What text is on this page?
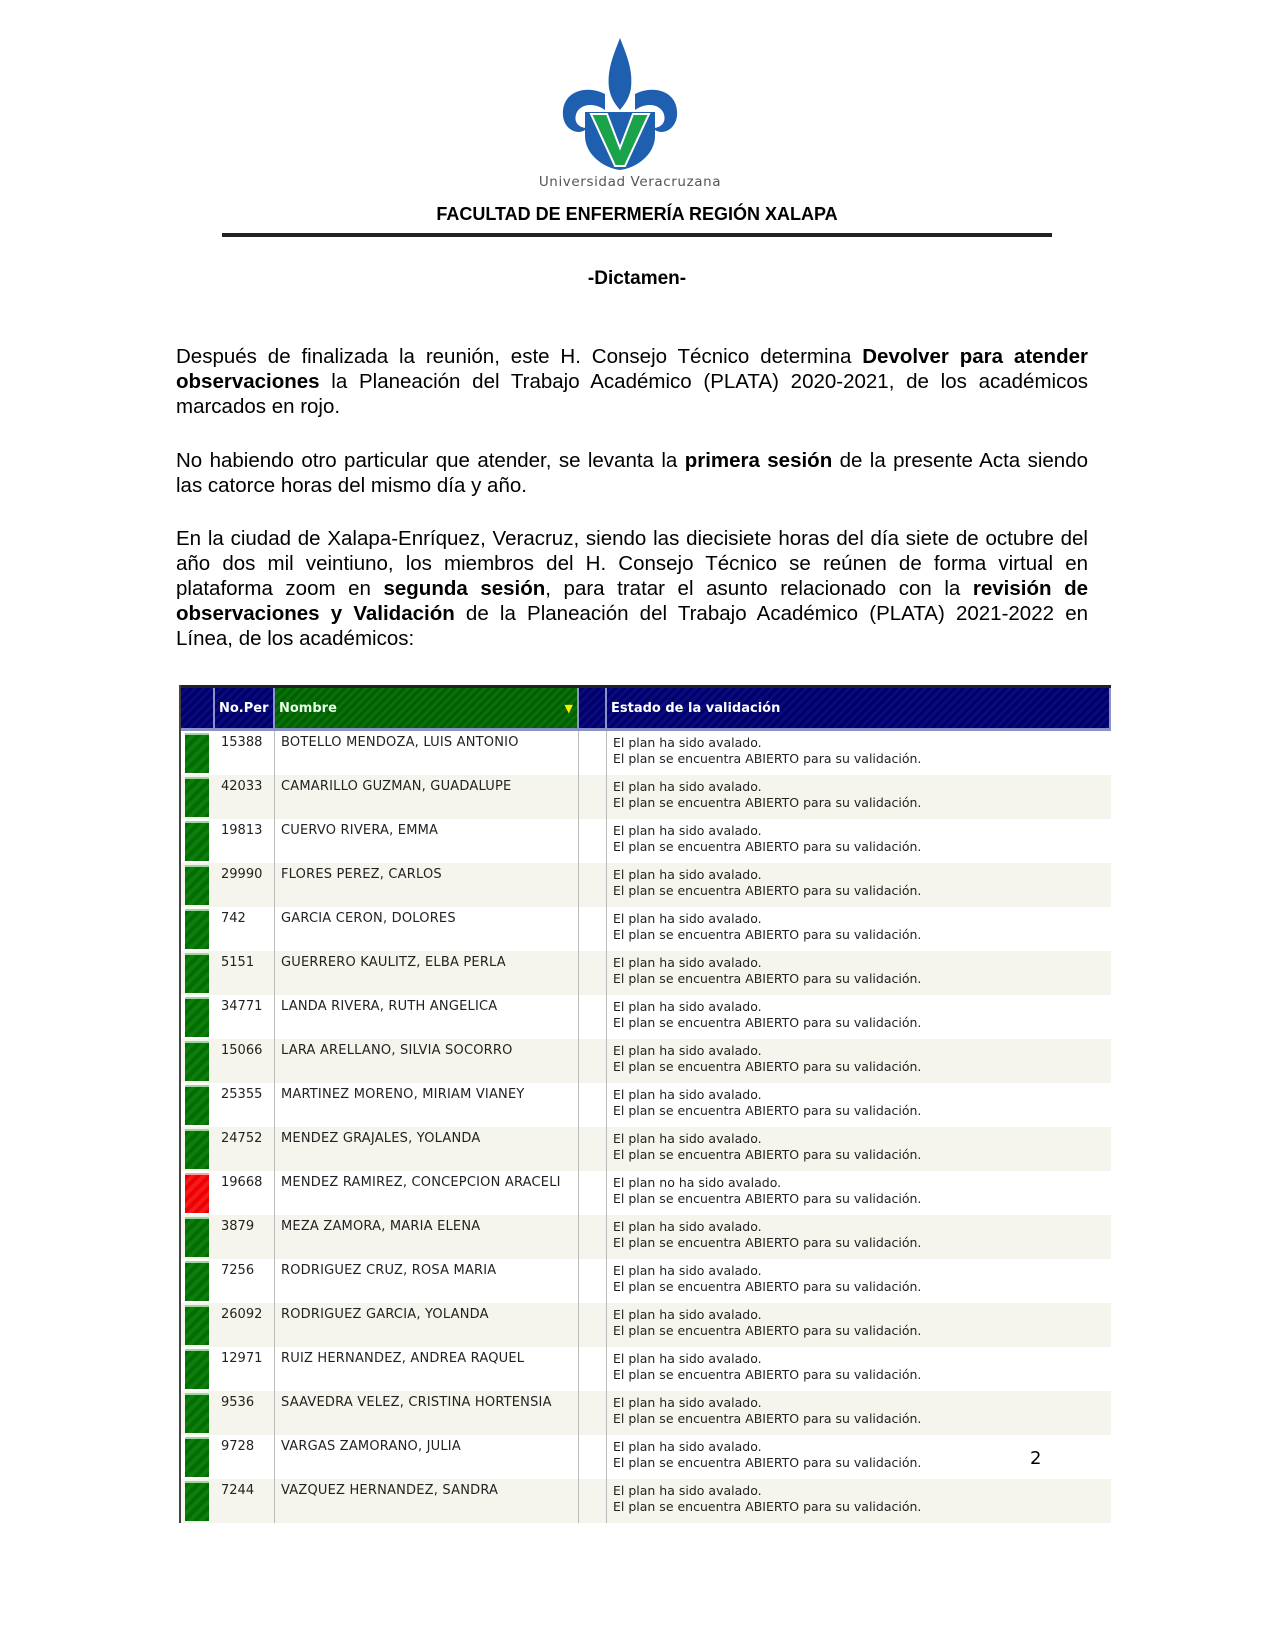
Universidad Veracruzana
FACULTAD DE ENFERMERÍA REGIÓN XALAPA
-Dictamen-
Después de finalizada la reunión, este H. Consejo Técnico determina Devolver para atender observaciones la Planeación del Trabajo Académico (PLATA) 2020-2021, de los académicos marcados en rojo.
No habiendo otro particular que atender, se levanta la primera sesión de la presente Acta siendo las catorce horas del mismo día y año.
En la ciudad de Xalapa-Enríquez, Veracruz, siendo las diecisiete horas del día siete de octubre del año dos mil veintiuno, los miembros del H. Consejo Técnico se reúnen de forma virtual en plataforma zoom en segunda sesión, para tratar el asunto relacionado con la revisión de observaciones y Validación de la Planeación del Trabajo Académico (PLATA) 2021-2022 en Línea, de los académicos:
No.Per Nombre	▼	Estado de la validación
15388	BOTELLO MENDOZA, LUIS ANTONIO	El plan ha sido avalado.
El plan se encuentra ABIERTO para su validación.
42033	CAMARILLO GUZMAN, GUADALUPE	El plan ha sido avalado.
El plan se encuentra ABIERTO para su validación.
19813	CUERVO RIVERA, EMMA	El plan ha sido avalado.
El plan se encuentra ABIERTO para su validación.
29990	FLORES PEREZ, CARLOS	El plan ha sido avalado.
El plan se encuentra ABIERTO para su validación.
742	GARCIA CERON, DOLORES	El plan ha sido avalado.
El plan se encuentra ABIERTO para su validación.
5151	GUERRERO KAULITZ, ELBA PERLA	El plan ha sido avalado.
El plan se encuentra ABIERTO para su validación.
34771	LANDA RIVERA, RUTH ANGELICA	El plan ha sido avalado.
El plan se encuentra ABIERTO para su validación.
15066	LARA ARELLANO, SILVIA SOCORRO	El plan ha sido avalado.
El plan se encuentra ABIERTO para su validación.
25355	MARTINEZ MORENO, MIRIAM VIANEY	El plan ha sido avalado.
El plan se encuentra ABIERTO para su validación.
24752	MENDEZ GRAJALES, YOLANDA	El plan ha sido avalado.
El plan se encuentra ABIERTO para su validación.
19668	MENDEZ RAMIREZ, CONCEPCION ARACELI	El plan no ha sido avalado.
El plan se encuentra ABIERTO para su validación.
3879	MEZA ZAMORA, MARIA ELENA	El plan ha sido avalado.
El plan se encuentra ABIERTO para su validación.
7256	RODRIGUEZ CRUZ, ROSA MARIA	El plan ha sido avalado.
El plan se encuentra ABIERTO para su validación.
26092	RODRIGUEZ GARCIA, YOLANDA	El plan ha sido avalado.
El plan se encuentra ABIERTO para su validación.
12971	RUIZ HERNANDEZ, ANDREA RAQUEL	El plan ha sido avalado.
El plan se encuentra ABIERTO para su validación.
9536	SAAVEDRA VELEZ, CRISTINA HORTENSIA	El plan ha sido avalado.
El plan se encuentra ABIERTO para su validación.
9728	VARGAS ZAMORANO, JULIA	El plan ha sido avalado.
El plan se encuentra ABIERTO para su validación.
7244	VAZQUEZ HERNANDEZ, SANDRA	El plan ha sido avalado.
El plan se encuentra ABIERTO para su validación.
2
